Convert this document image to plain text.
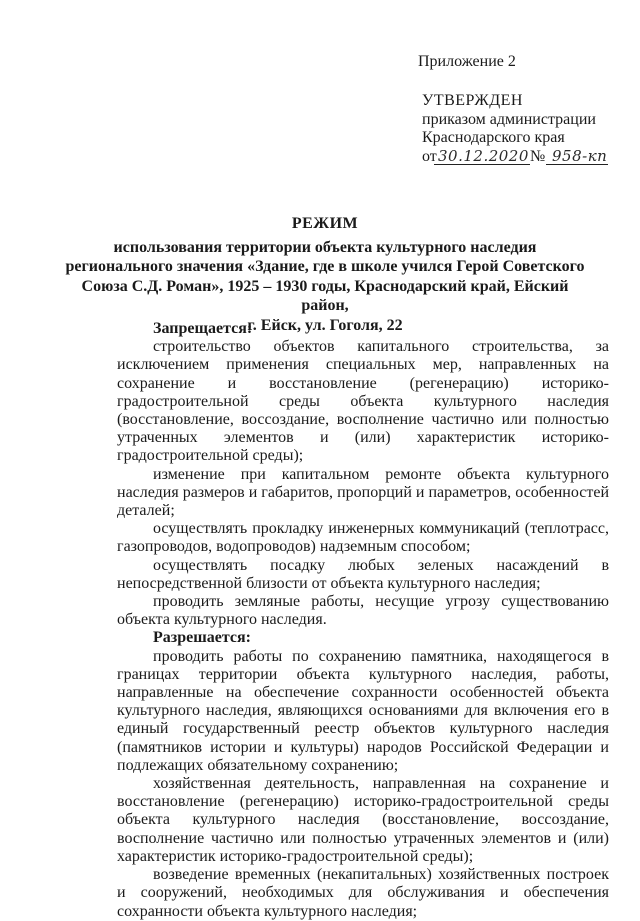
Приложение 2
УТВЕРЖДЕН
приказом администрации
Краснодарского края
от 30.12.2020 № 958-кп
РЕЖИМ
использования территории объекта культурного наследия
регионального значения «Здание, где в школе учился Герой Советского
Союза С.Д. Роман», 1925 – 1930 годы, Краснодарский край, Ейский район,
г. Ейск, ул. Гоголя, 22

Запрещается:

строительство объектов капитального строительства, за исключением применения специальных мер, направленных на сохранение и восстановление (регенерацию) историко-градостроительной среды объекта культурного наследия (восстановление, воссоздание, восполнение частично или полностью утраченных элементов и (или) характеристик историко-градостроительной среды);

изменение при капитальном ремонте объекта культурного наследия размеров и габаритов, пропорций и параметров, особенностей деталей;

осуществлять прокладку инженерных коммуникаций (теплотрасс, газопроводов, водопроводов) надземным способом;

осуществлять посадку любых зеленых насаждений в непосредственной близости от объекта культурного наследия;

проводить земляные работы, несущие угрозу существованию объекта культурного наследия.

Разрешается:

проводить работы по сохранению памятника, находящегося в границах территории объекта культурного наследия, работы, направленные на обеспечение сохранности особенностей объекта культурного наследия, являющихся основаниями для включения его в единый государственный реестр объектов культурного наследия (памятников истории и культуры) народов Российской Федерации и подлежащих обязательному сохранению;

хозяйственная деятельность, направленная на сохранение и восстановление (регенерацию) историко-градостроительной среды объекта культурного наследия (восстановление, воссоздание, восполнение частично или полностью утраченных элементов и (или) характеристик историко-градостроительной среды);

возведение временных (некапитальных) хозяйственных построек и сооружений, необходимых для обслуживания и обеспечения сохранности объекта культурного наследия;
